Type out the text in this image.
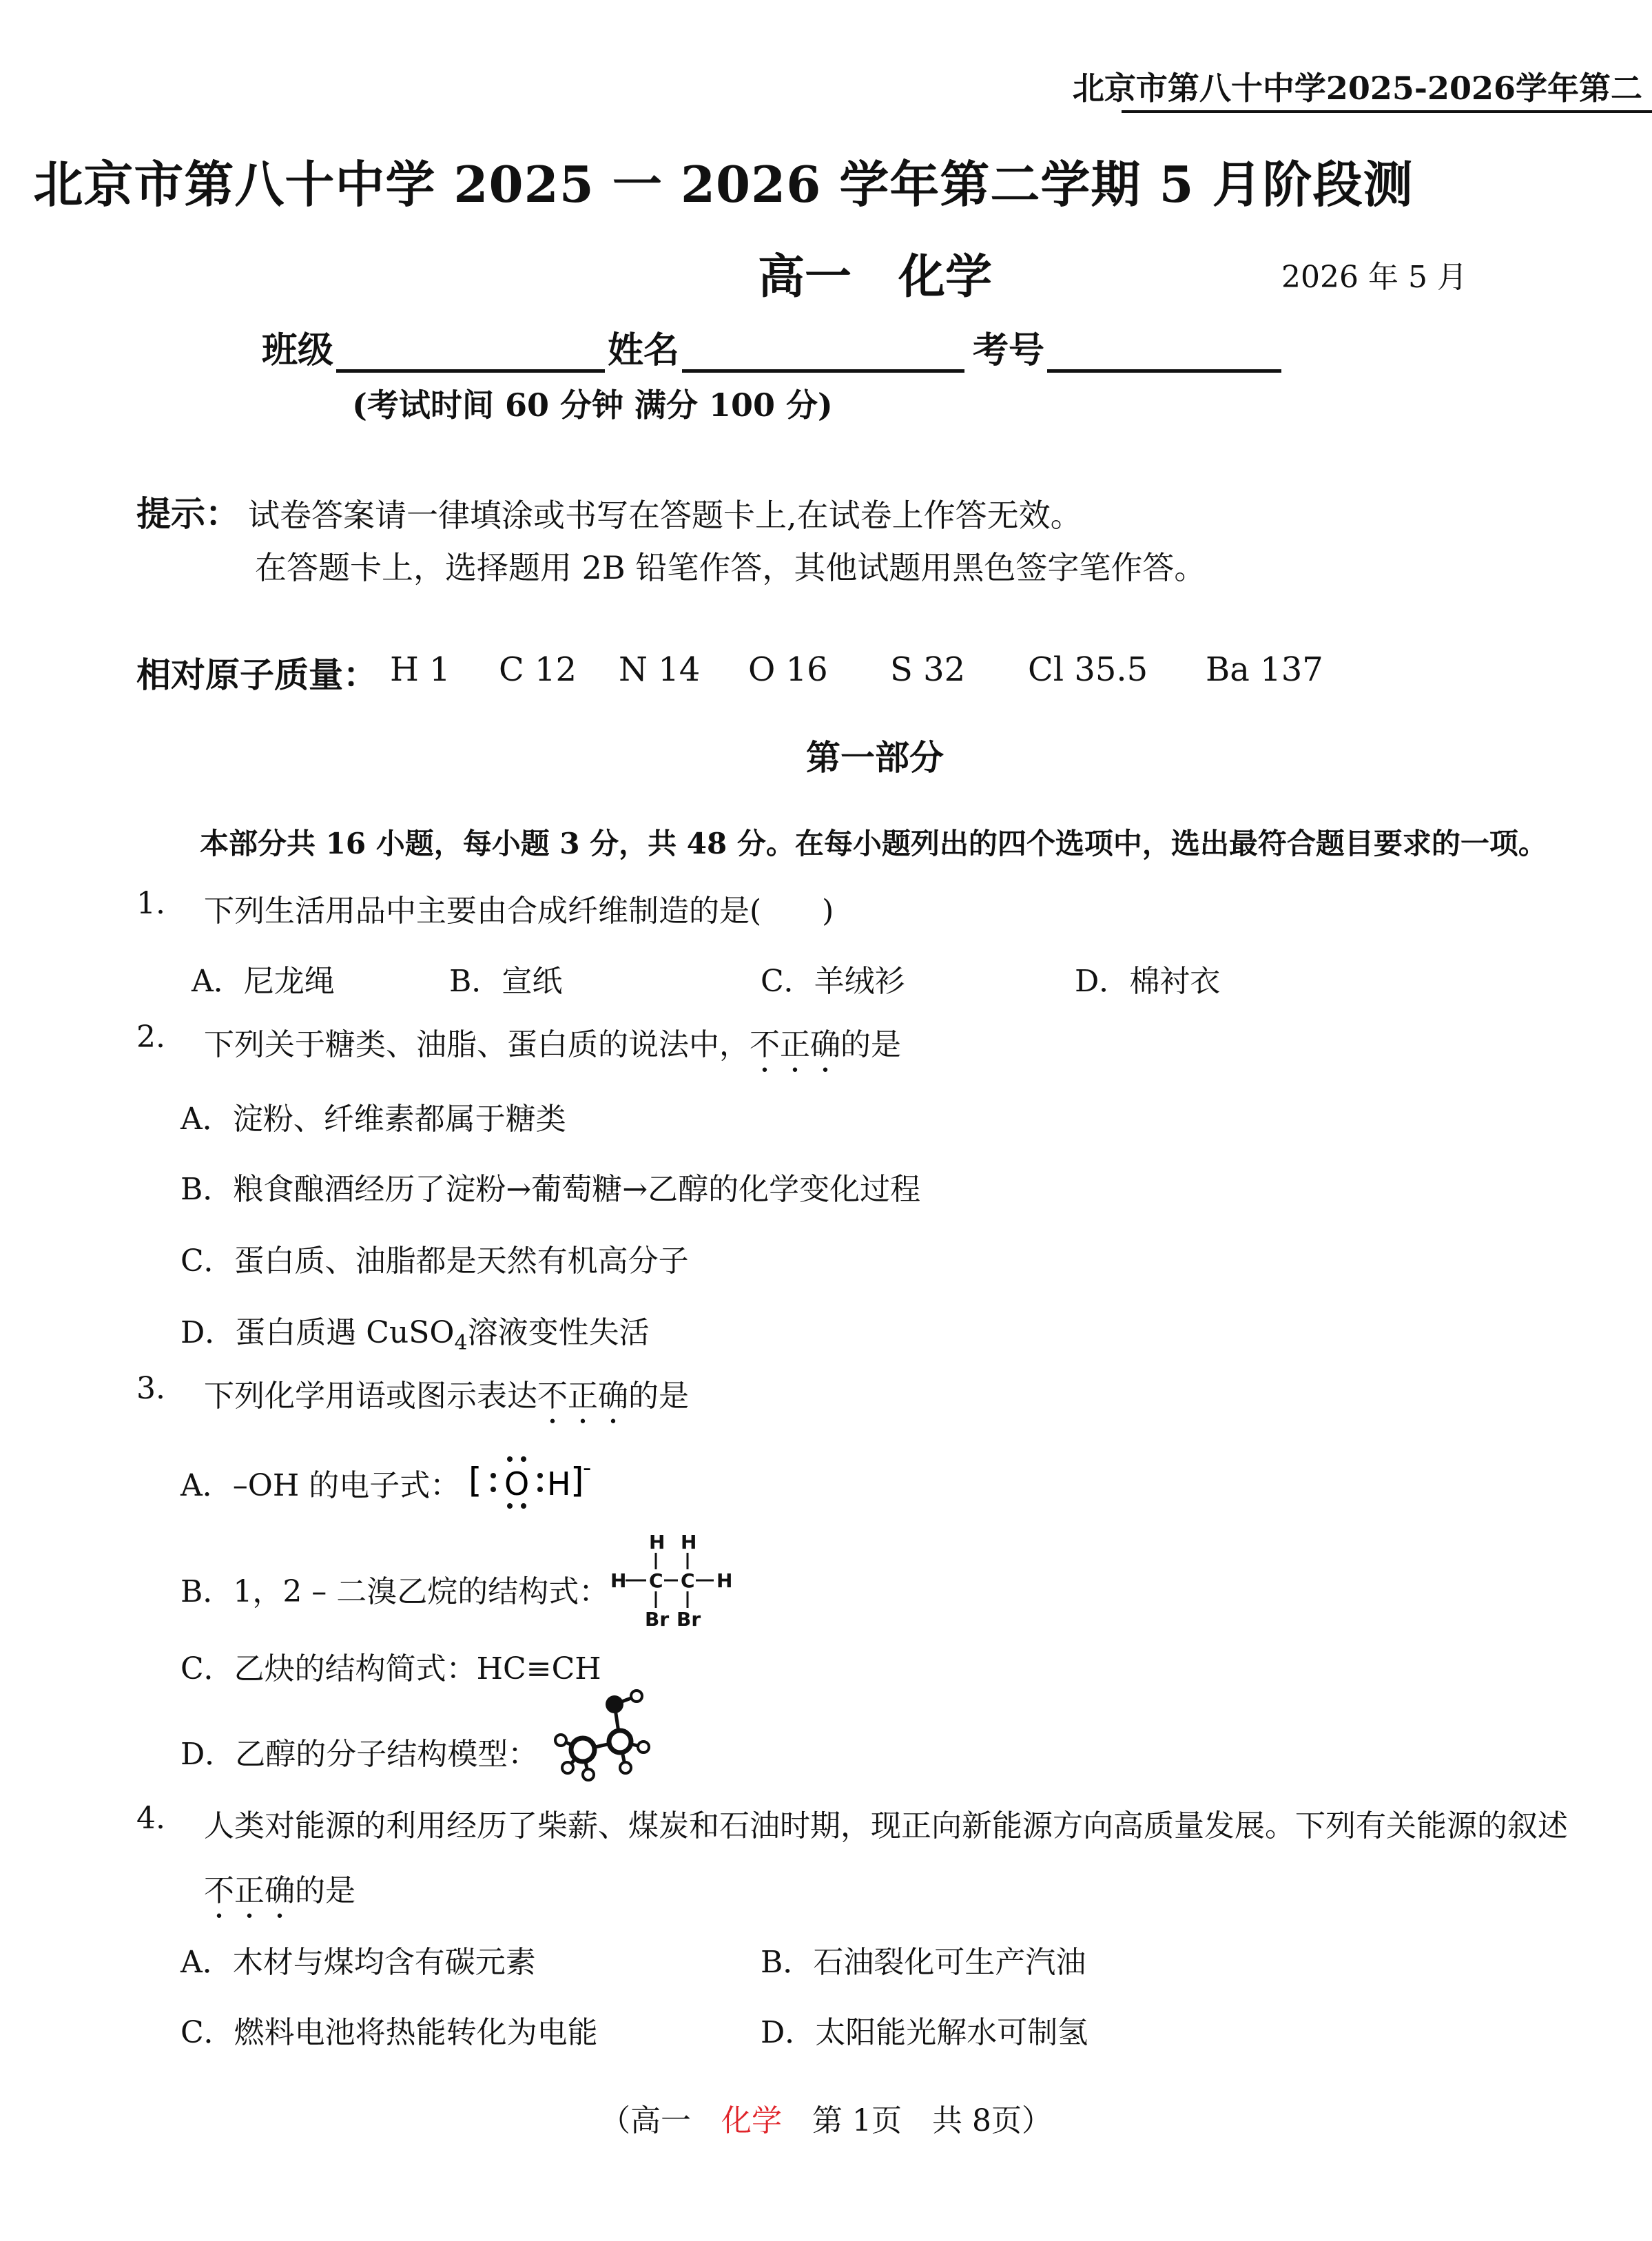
北京市第八十中学2025-2026学年第二
北京市第八十中学 2025 一 2026 学年第二学期 5 月阶段测
高一　化学	2026 年 5 月
班级	姓名	考号
(考试时间 60 分钟 满分 100 分)
提示： 试卷答案请一律填涂或书写在答题卡上,在试卷上作答无效。
在答题卡上，选择题用 2B 铅笔作答，其他试题用黑色签字笔作答。
相对原子质量： H 1 C 12 N 14 O 16 S 32 Cl 35.5 Ba 137
第一部分
本部分共 16 小题，每小题 3 分，共 48 分。在每小题列出的四个选项中，选出最符合题目要求的一项。
1. 下列生活用品中主要由合成纤维制造的是(　　)
A．尼龙绳	B．宣纸	C．羊绒衫	D．棉衬衣
2. 下列关于糖类、油脂、蛋白质的说法中，不正确的是
A．淀粉、纤维素都属于糖类
B．粮食酿酒经历了淀粉→葡萄糖→乙醇的化学变化过程
C．蛋白质、油脂都是天然有机高分子
D．蛋白质遇 CuSO$_4$溶液变性失活
3. 下列化学用语或图示表达不正确的是
A．–OH 的电子式： [ O H ]
-
B．1，2 – 二溴乙烷的结构式：
H H
H C C H
Br Br
C．乙炔的结构简式：HC≡CH
D．乙醇的分子结构模型：
4. 人类对能源的利用经历了柴薪、煤炭和石油时期，现正向新能源方向高质量发展。下列有关能源的叙述
不正确的是
A．木材与煤均含有碳元素	B．石油裂化可生产汽油
C．燃料电池将热能转化为电能	D．太阳能光解水可制氢
（高一　化学　第 1页　共 8页）
